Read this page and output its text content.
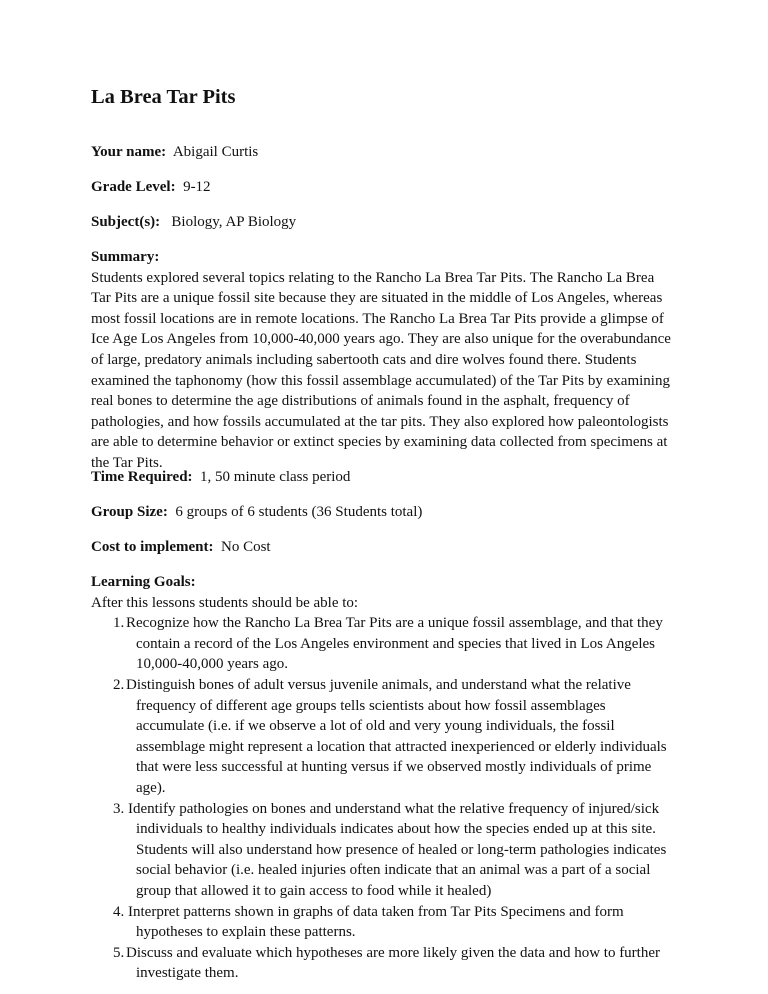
La Brea Tar Pits
Your name: Abigail Curtis
Grade Level: 9-12
Subject(s): Biology, AP Biology
Summary:
Students explored several topics relating to the Rancho La Brea Tar Pits. The Rancho La Brea
Tar Pits are a unique fossil site because they are situated in the middle of Los Angeles, whereas
most fossil locations are in remote locations. The Rancho La Brea Tar Pits provide a glimpse of
Ice Age Los Angeles from 10,000-40,000 years ago. They are also unique for the overabundance
of large, predatory animals including sabertooth cats and dire wolves found there. Students
examined the taphonomy (how this fossil assemblage accumulated) of the Tar Pits by examining
real bones to determine the age distributions of animals found in the asphalt, frequency of
pathologies, and how fossils accumulated at the tar pits. They also explored how paleontologists
are able to determine behavior or extinct species by examining data collected from specimens at
the Tar Pits.
Time Required: 1, 50 minute class period
Group Size: 6 groups of 6 students (36 Students total)
Cost to implement: No Cost
Learning Goals:
After this lessons students should be able to:
1. Recognize how the Rancho La Brea Tar Pits are a unique fossil assemblage, and that they
contain a record of the Los Angeles environment and species that lived in Los Angeles
10,000-40,000 years ago.
2. Distinguish bones of adult versus juvenile animals, and understand what the relative
frequency of different age groups tells scientists about how fossil assemblages
accumulate (i.e. if we observe a lot of old and very young individuals, the fossil
assemblage might represent a location that attracted inexperienced or elderly individuals
that were less successful at hunting versus if we observed mostly individuals of prime
age).
3. Identify pathologies on bones and understand what the relative frequency of injured/sick
individuals to healthy individuals indicates about how the species ended up at this site.
Students will also understand how presence of healed or long-term pathologies indicates
social behavior (i.e. healed injuries often indicate that an animal was a part of a social
group that allowed it to gain access to food while it healed)
4. Interpret patterns shown in graphs of data taken from Tar Pits Specimens and form
hypotheses to explain these patterns.
5. Discuss and evaluate which hypotheses are more likely given the data and how to further
investigate them.
